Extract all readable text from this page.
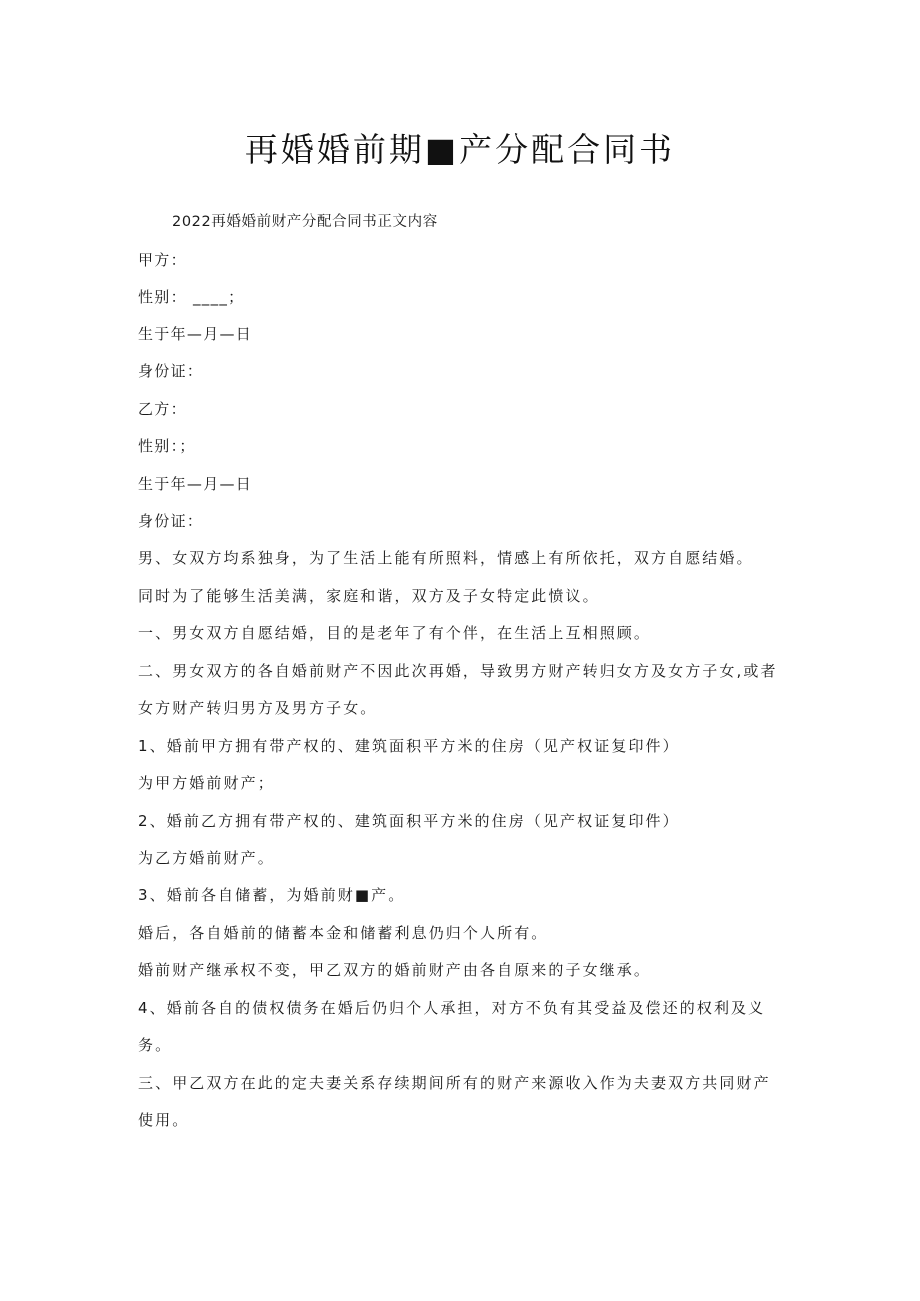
再婚婚前期■产分配合同书
2022再婚婚前财产分配合同书正文内容
甲方：
性别： ____；
生于年—月—日
身份证：
乙方：
性别：；
生于年—月—日
身份证：
男、女双方均系独身，为了生活上能有所照料，情感上有所依托，双方自愿结婚。
同时为了能够生活美满，家庭和谐，双方及子女特定此愤议。
一、男女双方自愿结婚，目的是老年了有个伴，在生活上互相照顾。
二、男女双方的各自婚前财产不因此次再婚，导致男方财产转归女方及女方子女,或者
女方财产转归男方及男方子女。
1、婚前甲方拥有带产权的、建筑面积平方米的住房（见产权证复印件）
为甲方婚前财产；
2、婚前乙方拥有带产权的、建筑面积平方米的住房（见产权证复印件）
为乙方婚前财产。
3、婚前各自储蓄，为婚前财■产。
婚后，各自婚前的储蓄本金和储蓄利息仍归个人所有。
婚前财产继承权不变，甲乙双方的婚前财产由各自原来的子女继承。
4、婚前各自的债权债务在婚后仍归个人承担，对方不负有其受益及偿还的权利及义
务。
三、甲乙双方在此的定夫妻关系存续期间所有的财产来源收入作为夫妻双方共同财产
使用。
